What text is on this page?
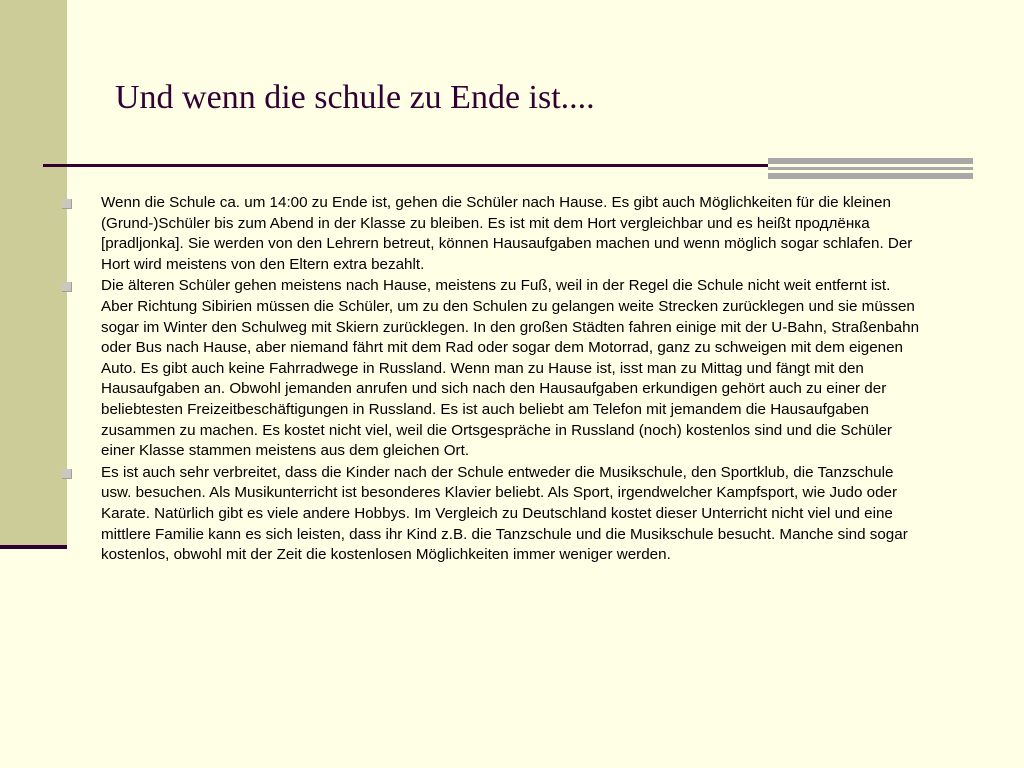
Und wenn die schule zu Ende ist....
Wenn die Schule ca. um 14:00 zu Ende ist, gehen die Schüler nach Hause. Es gibt auch Möglichkeiten für die kleinen (Grund-)Schüler bis zum Abend in der Klasse zu bleiben. Es ist mit dem Hort vergleichbar und es heißt продлёнка [pradljonka]. Sie werden von den Lehrern betreut, können Hausaufgaben machen und wenn möglich sogar schlafen. Der Hort wird meistens von den Eltern extra bezahlt.
Die älteren Schüler gehen meistens nach Hause, meistens zu Fuß, weil in der Regel die Schule nicht weit entfernt ist. Aber Richtung Sibirien müssen die Schüler, um zu den Schulen zu gelangen weite Strecken zurücklegen und sie müssen sogar im Winter den Schulweg mit Skiern zurücklegen. In den großen Städten fahren einige mit der U-Bahn, Straßenbahn oder Bus nach Hause, aber niemand fährt mit dem Rad oder sogar dem Motorrad, ganz zu schweigen mit dem eigenen Auto. Es gibt auch keine Fahrradwege in Russland. Wenn man zu Hause ist, isst man zu Mittag und fängt mit den Hausaufgaben an. Obwohl jemanden anrufen und sich nach den Hausaufgaben erkundigen gehört auch zu einer der beliebtesten Freizeitbeschäftigungen in Russland. Es ist auch beliebt am Telefon mit jemandem die Hausaufgaben zusammen zu machen. Es kostet nicht viel, weil die Ortsgespräche in Russland (noch) kostenlos sind und die Schüler einer Klasse stammen meistens aus dem gleichen Ort.
Es ist auch sehr verbreitet, dass die Kinder nach der Schule entweder die Musikschule, den Sportklub, die Tanzschule usw. besuchen. Als Musikunterricht ist besonderes Klavier beliebt. Als Sport, irgendwelcher Kampfsport, wie Judo oder Karate. Natürlich gibt es viele andere Hobbys. Im Vergleich zu Deutschland kostet dieser Unterricht nicht viel und eine mittlere Familie kann es sich leisten, dass ihr Kind z.B. die Tanzschule und die Musikschule besucht. Manche sind sogar kostenlos, obwohl mit der Zeit die kostenlosen Möglichkeiten immer weniger werden.
